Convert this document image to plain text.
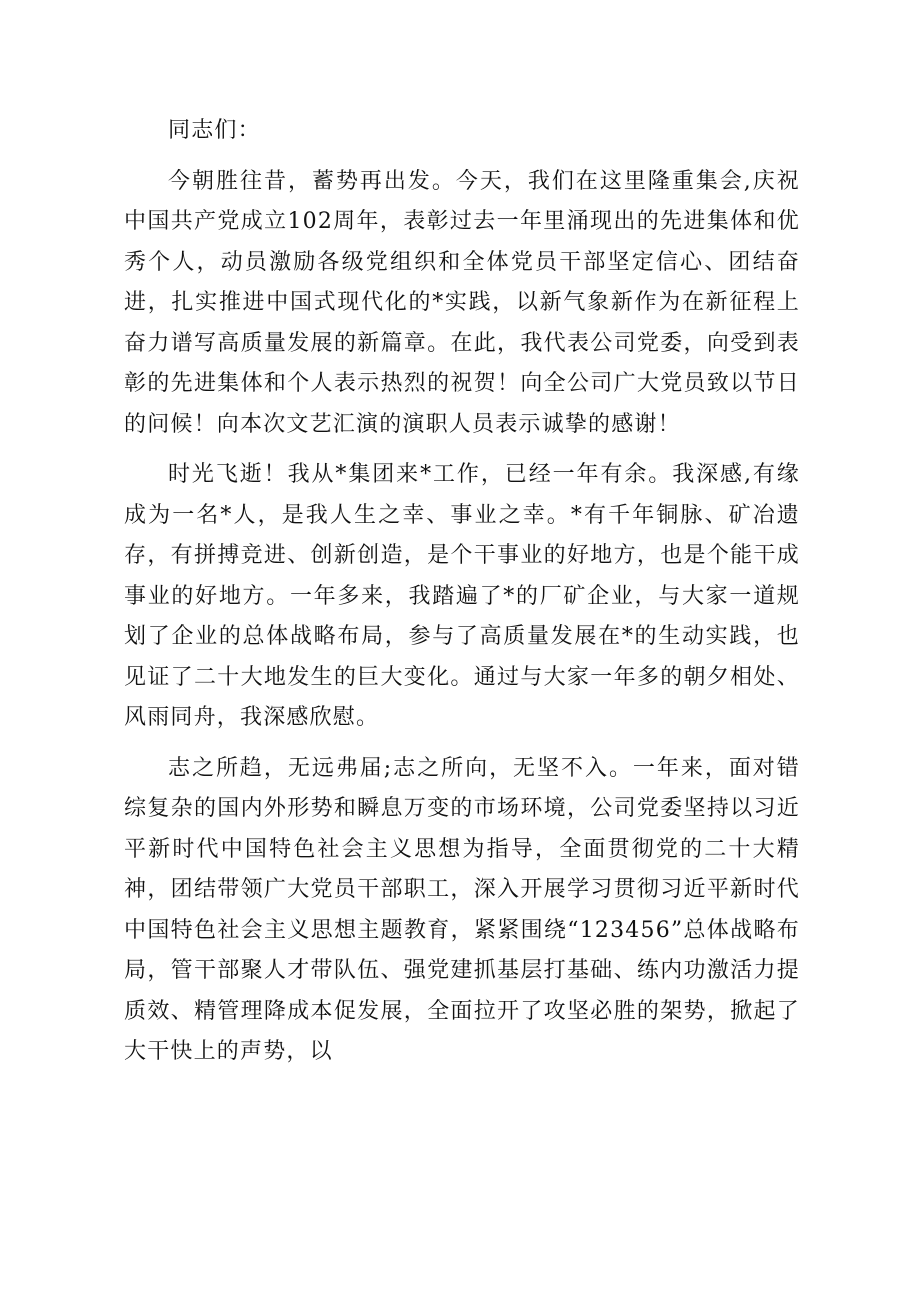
同志们：

今朝胜往昔，蓄势再出发。今天，我们在这里隆重集会,庆祝中国共产党成立102周年，表彰过去一年里涌现出的先进集体和优秀个人，动员激励各级党组织和全体党员干部坚定信心、团结奋进，扎实推进中国式现代化的*实践，以新气象新作为在新征程上奋力谱写高质量发展的新篇章。在此，我代表公司党委，向受到表彰的先进集体和个人表示热烈的祝贺！向全公司广大党员致以节日的问候！向本次文艺汇演的演职人员表示诚挚的感谢！

时光飞逝！我从*集团来*工作，已经一年有余。我深感,有缘成为一名*人，是我人生之幸、事业之幸。*有千年铜脉、矿冶遗存，有拼搏竞进、创新创造，是个干事业的好地方，也是个能干成事业的好地方。一年多来，我踏遍了*的厂矿企业，与大家一道规划了企业的总体战略布局，参与了高质量发展在*的生动实践，也见证了二十大地发生的巨大变化。通过与大家一年多的朝夕相处、风雨同舟，我深感欣慰。

志之所趋，无远弗届;志之所向，无坚不入。一年来，面对错综复杂的国内外形势和瞬息万变的市场环境，公司党委坚持以习近平新时代中国特色社会主义思想为指导，全面贯彻党的二十大精神，团结带领广大党员干部职工，深入开展学习贯彻习近平新时代中国特色社会主义思想主题教育，紧紧围绕“123456”总体战略布局，管干部聚人才带队伍、强党建抓基层打基础、练内功激活力提质效、精管理降成本促发展，全面拉开了攻坚必胜的架势，掀起了大干快上的声势，以
